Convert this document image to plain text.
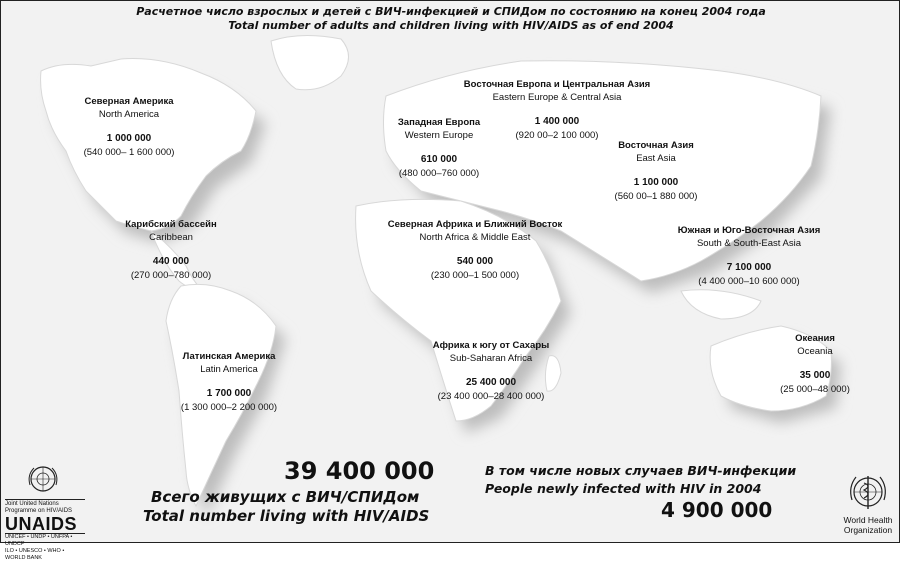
Расчетное число взрослых и детей с ВИЧ-инфекцией и СПИДом по состоянию на конец 2004 года
Total number of adults and children living with HIV/AIDS as of end 2004
Северная Америка
North America
1 000 000
(540 000– 1 600 000)
Карибский бассейн
Caribbean
440 000
(270 000–780 000)
Латинская Америка
Latin America
1 700 000
(1 300 000–2 200 000)
Западная Европа
Western Europe
610 000
(480 000–760 000)
Восточная Европа и Центральная Азия
Eastern Europe & Central Asia
1 400 000
(920 00–2 100 000)
Восточная Азия
East Asia
1 100 000
(560 00–1 880 000)
Северная Африка и Ближний Восток
North Africa & Middle East
540 000
(230 000–1 500 000)
Южная и Юго-Восточная Азия
South & South-East Asia
7 100 000
(4 400 000–10 600 000)
Африка к югу от Сахары
Sub-Saharan Africa
25 400 000
(23 400 000–28 400 000)
Океания
Oceania
35 000
(25 000–48 000)
39 400 000
Всего живущих с ВИЧ/СПИДом
Total number living with HIV/AIDS
В том числе новых случаев ВИЧ-инфекции
People newly infected with HIV in 2004
4 900 000
Joint United Nations Programme on HIV/AIDS
UNAIDS
UNICEF • UNDP • UNFPA • UNDCP
ILO • UNESCO • WHO • WORLD BANK
World Health
Organization
